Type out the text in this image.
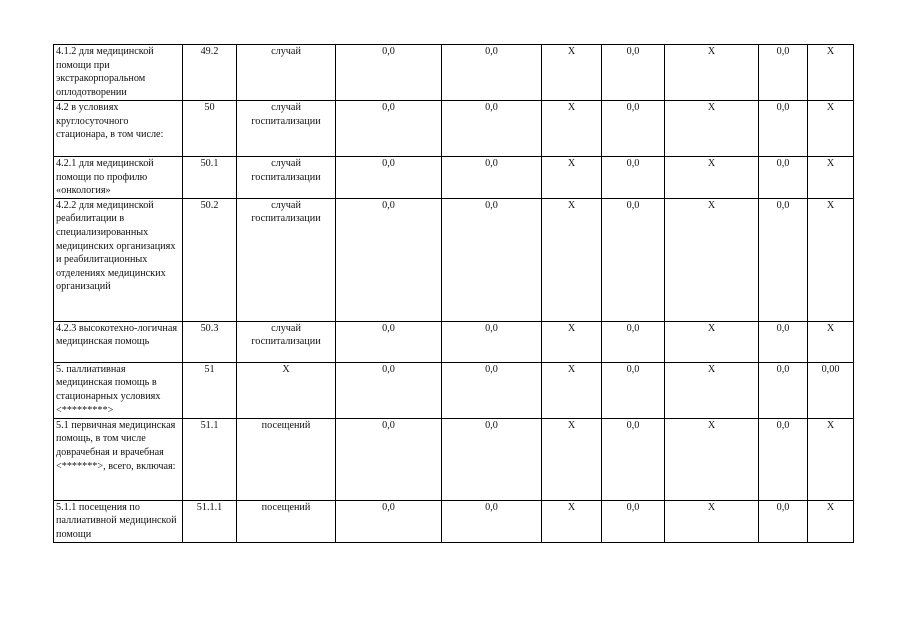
4.1.2 для медицинской помощи при экстракорпоральном оплодотворении	49.2	случай	0,0	0,0	X	0,0	X	0,0	X
4.2 в условиях круглосуточного стационара, в том числе:	50	случай госпитализации	0,0	0,0	X	0,0	X	0,0	X
4.2.1 для медицинской помощи по профилю «онкология»	50.1	случай госпитализации	0,0	0,0	X	0,0	X	0,0	X
4.2.2 для медицинской реабилитации в специализированных медицинских организациях и реабилитационных отделениях медицинских организаций	50.2	случай госпитализации	0,0	0,0	X	0,0	X	0,0	X
4.2.3 высокотехно-логичная медицинская помощь	50.3	случай госпитализации	0,0	0,0	X	0,0	X	0,0	X
5. паллиативная медицинская помощь в стационарных условиях <*********>	51	X	0,0	0,0	X	0,0	X	0,0	0,00
5.1 первичная медицинская помощь, в том числе доврачебная и врачебная <*******>, всего, включая:	51.1	посещений	0,0	0,0	X	0,0	X	0,0	X
5.1.1 посещения по паллиативной медицинской помощи	51.1.1	посещений	0,0	0,0	X	0,0	X	0,0	X
